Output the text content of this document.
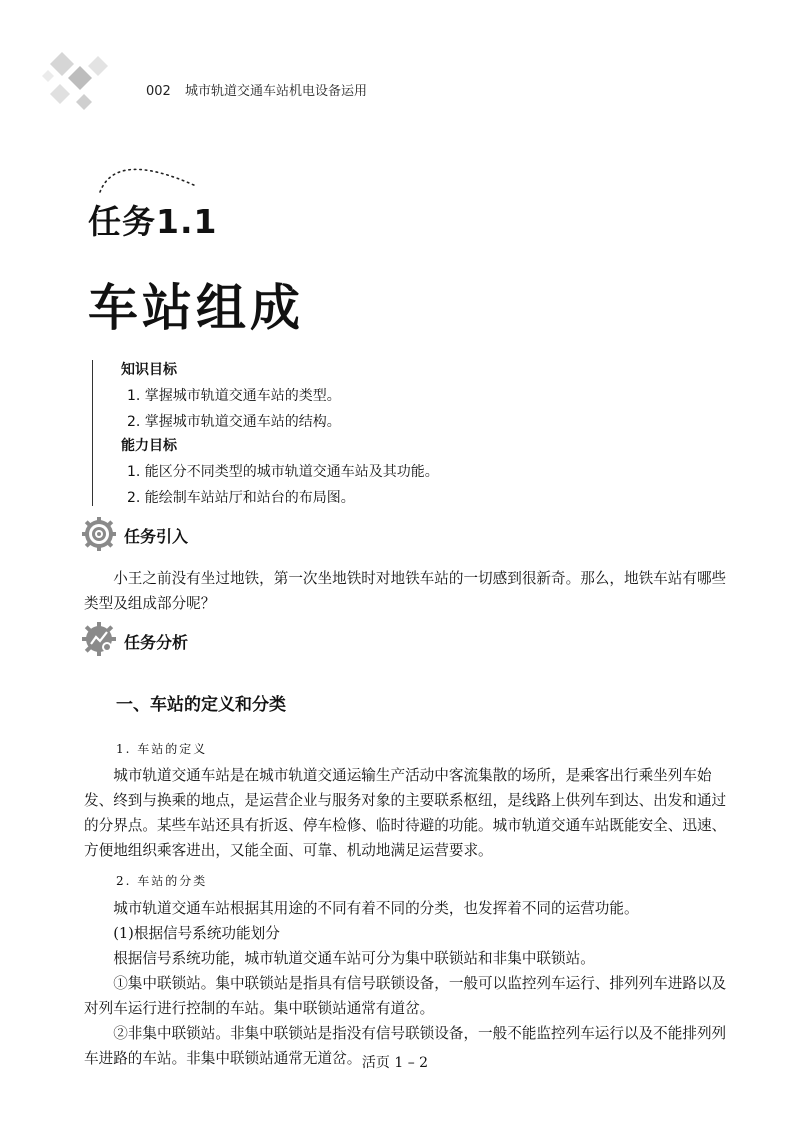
002 城市轨道交通车站机电设备运用
任务1.1
车站组成
知识目标
1. 掌握城市轨道交通车站的类型。
2. 掌握城市轨道交通车站的结构。
能力目标
1. 能区分不同类型的城市轨道交通车站及其功能。
2. 能绘制车站站厅和站台的布局图。
任务引入

小王之前没有坐过地铁，第一次坐地铁时对地铁车站的一切感到很新奇。那么，地铁车站有哪些类型及组成部分呢？

任务分析
一、车站的定义和分类
1. 车站的定义

城市轨道交通车站是在城市轨道交通运输生产活动中客流集散的场所，是乘客出行乘坐列车始发、终到与换乘的地点，是运营企业与服务对象的主要联系枢纽，是线路上供列车到达、出发和通过的分界点。某些车站还具有折返、停车检修、临时待避的功能。城市轨道交通车站既能安全、迅速、方便地组织乘客进出，又能全面、可靠、机动地满足运营要求。

2. 车站的分类

城市轨道交通车站根据其用途的不同有着不同的分类，也发挥着不同的运营功能。

(1)根据信号系统功能划分

根据信号系统功能，城市轨道交通车站可分为集中联锁站和非集中联锁站。

①集中联锁站。集中联锁站是指具有信号联锁设备，一般可以监控列车运行、排列列车进路以及对列车运行进行控制的车站。集中联锁站通常有道岔。

②非集中联锁站。非集中联锁站是指没有信号联锁设备，一般不能监控列车运行以及不能排列列车进路的车站。非集中联锁站通常无道岔。 活页 1 – 2
